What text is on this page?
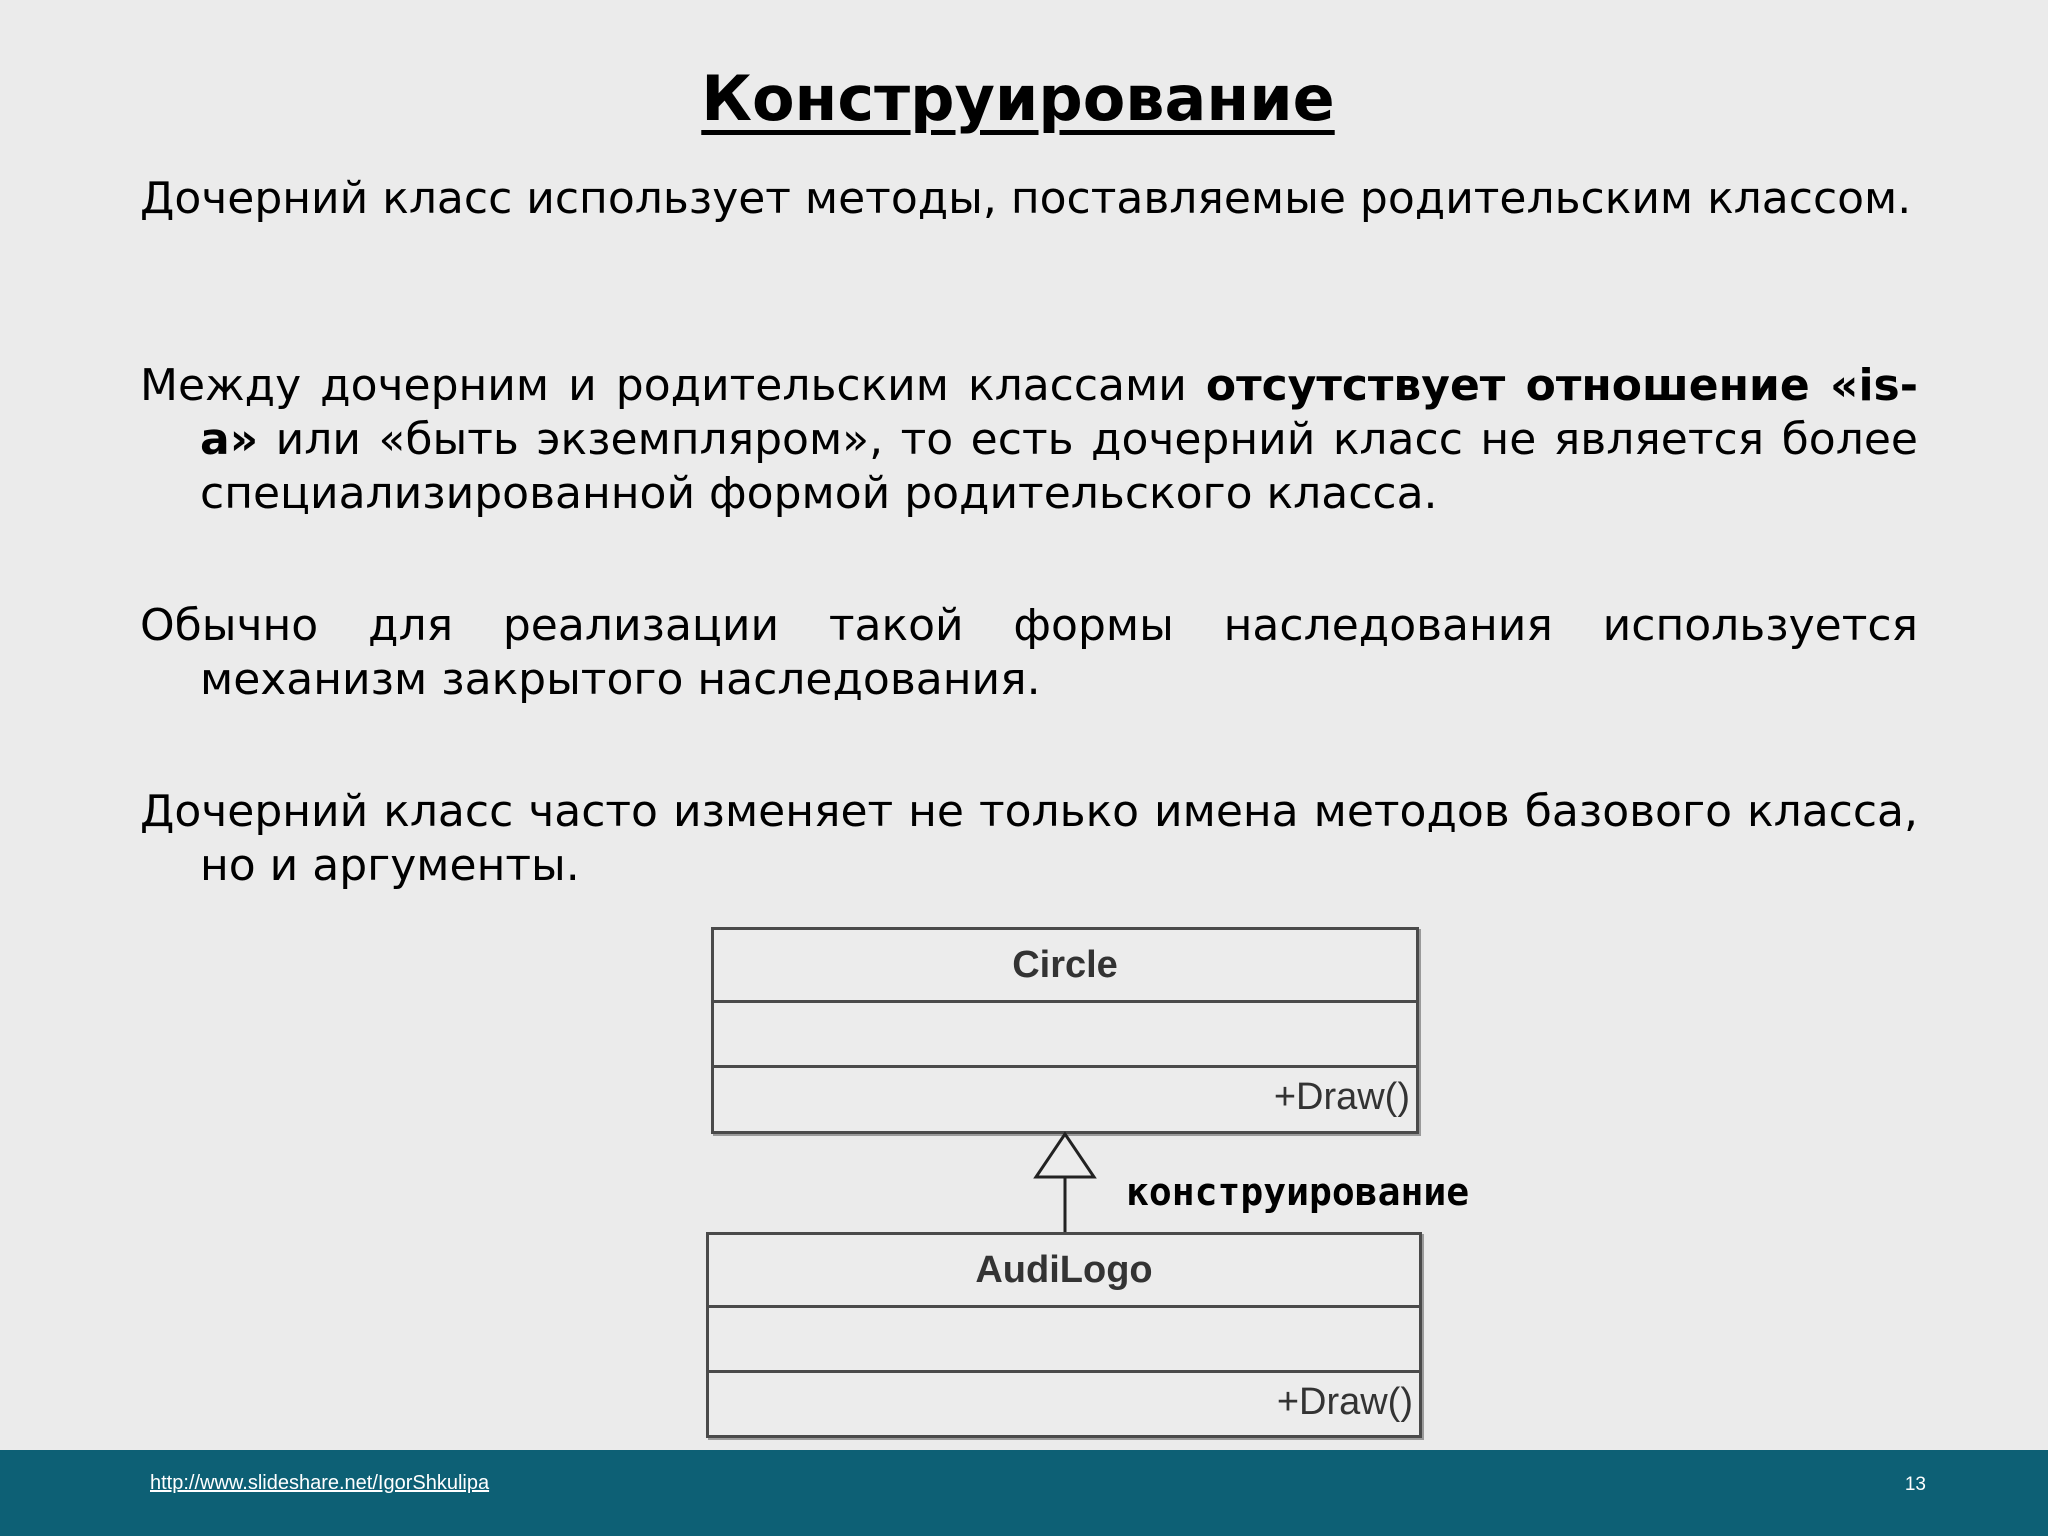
Конструирование
Дочерний класс использует методы, поставляемые родительским классом.
Между дочерним и родительским классами отсутствует отношение «is-a» или «быть экземпляром», то есть дочерний класс не является более специализированной формой родительского класса.
Обычно для реализации такой формы наследования используется механизм закрытого наследования.
Дочерний класс часто изменяет не только имена методов базового класса, но и аргументы.
Circle
+Draw()
конструирование
AudiLogo
+Draw()
http://www.slideshare.net/IgorShkulipa	13
